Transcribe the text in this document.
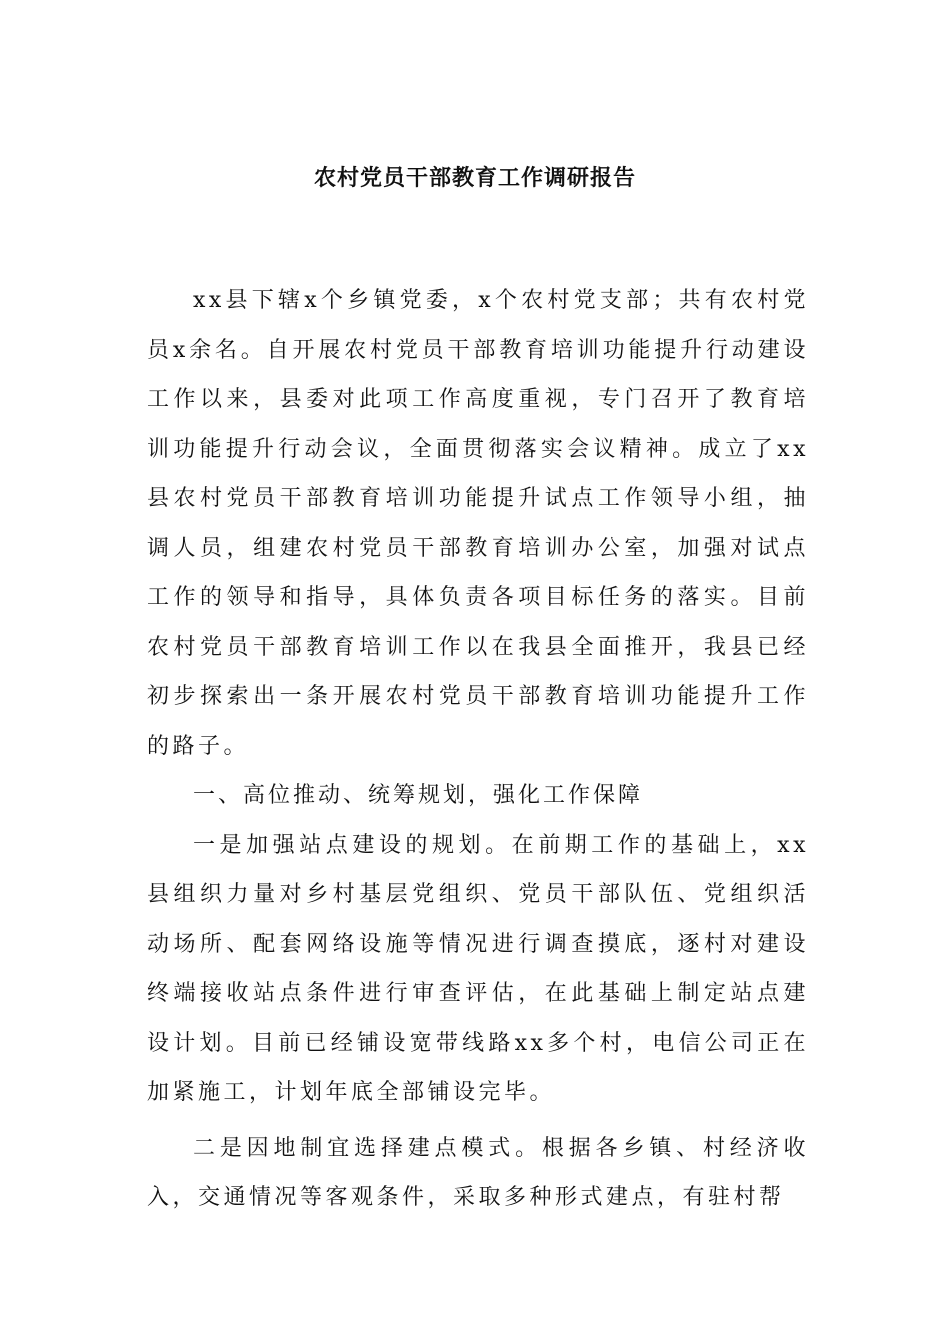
农村党员干部教育工作调研报告

xx县下辖x个乡镇党委，x个农村党支部；共有农村党员x余名。自开展农村党员干部教育培训功能提升行动建设工作以来，县委对此项工作高度重视，专门召开了教育培训功能提升行动会议，全面贯彻落实会议精神。成立了xx县农村党员干部教育培训功能提升试点工作领导小组，抽调人员，组建农村党员干部教育培训办公室，加强对试点工作的领导和指导，具体负责各项目标任务的落实。目前农村党员干部教育培训工作以在我县全面推开，我县已经初步探索出一条开展农村党员干部教育培训功能提升工作的路子。

一、高位推动、统筹规划，强化工作保障

一是加强站点建设的规划。在前期工作的基础上，xx县组织力量对乡村基层党组织、党员干部队伍、党组织活动场所、配套网络设施等情况进行调查摸底，逐村对建设终端接收站点条件进行审查评估，在此基础上制定站点建设计划。目前已经铺设宽带线路xx多个村，电信公司正在加紧施工，计划年底全部铺设完毕。

二是因地制宜选择建点模式。根据各乡镇、村经济收入，交通情况等客观条件，采取多种形式建点，有驻村帮
